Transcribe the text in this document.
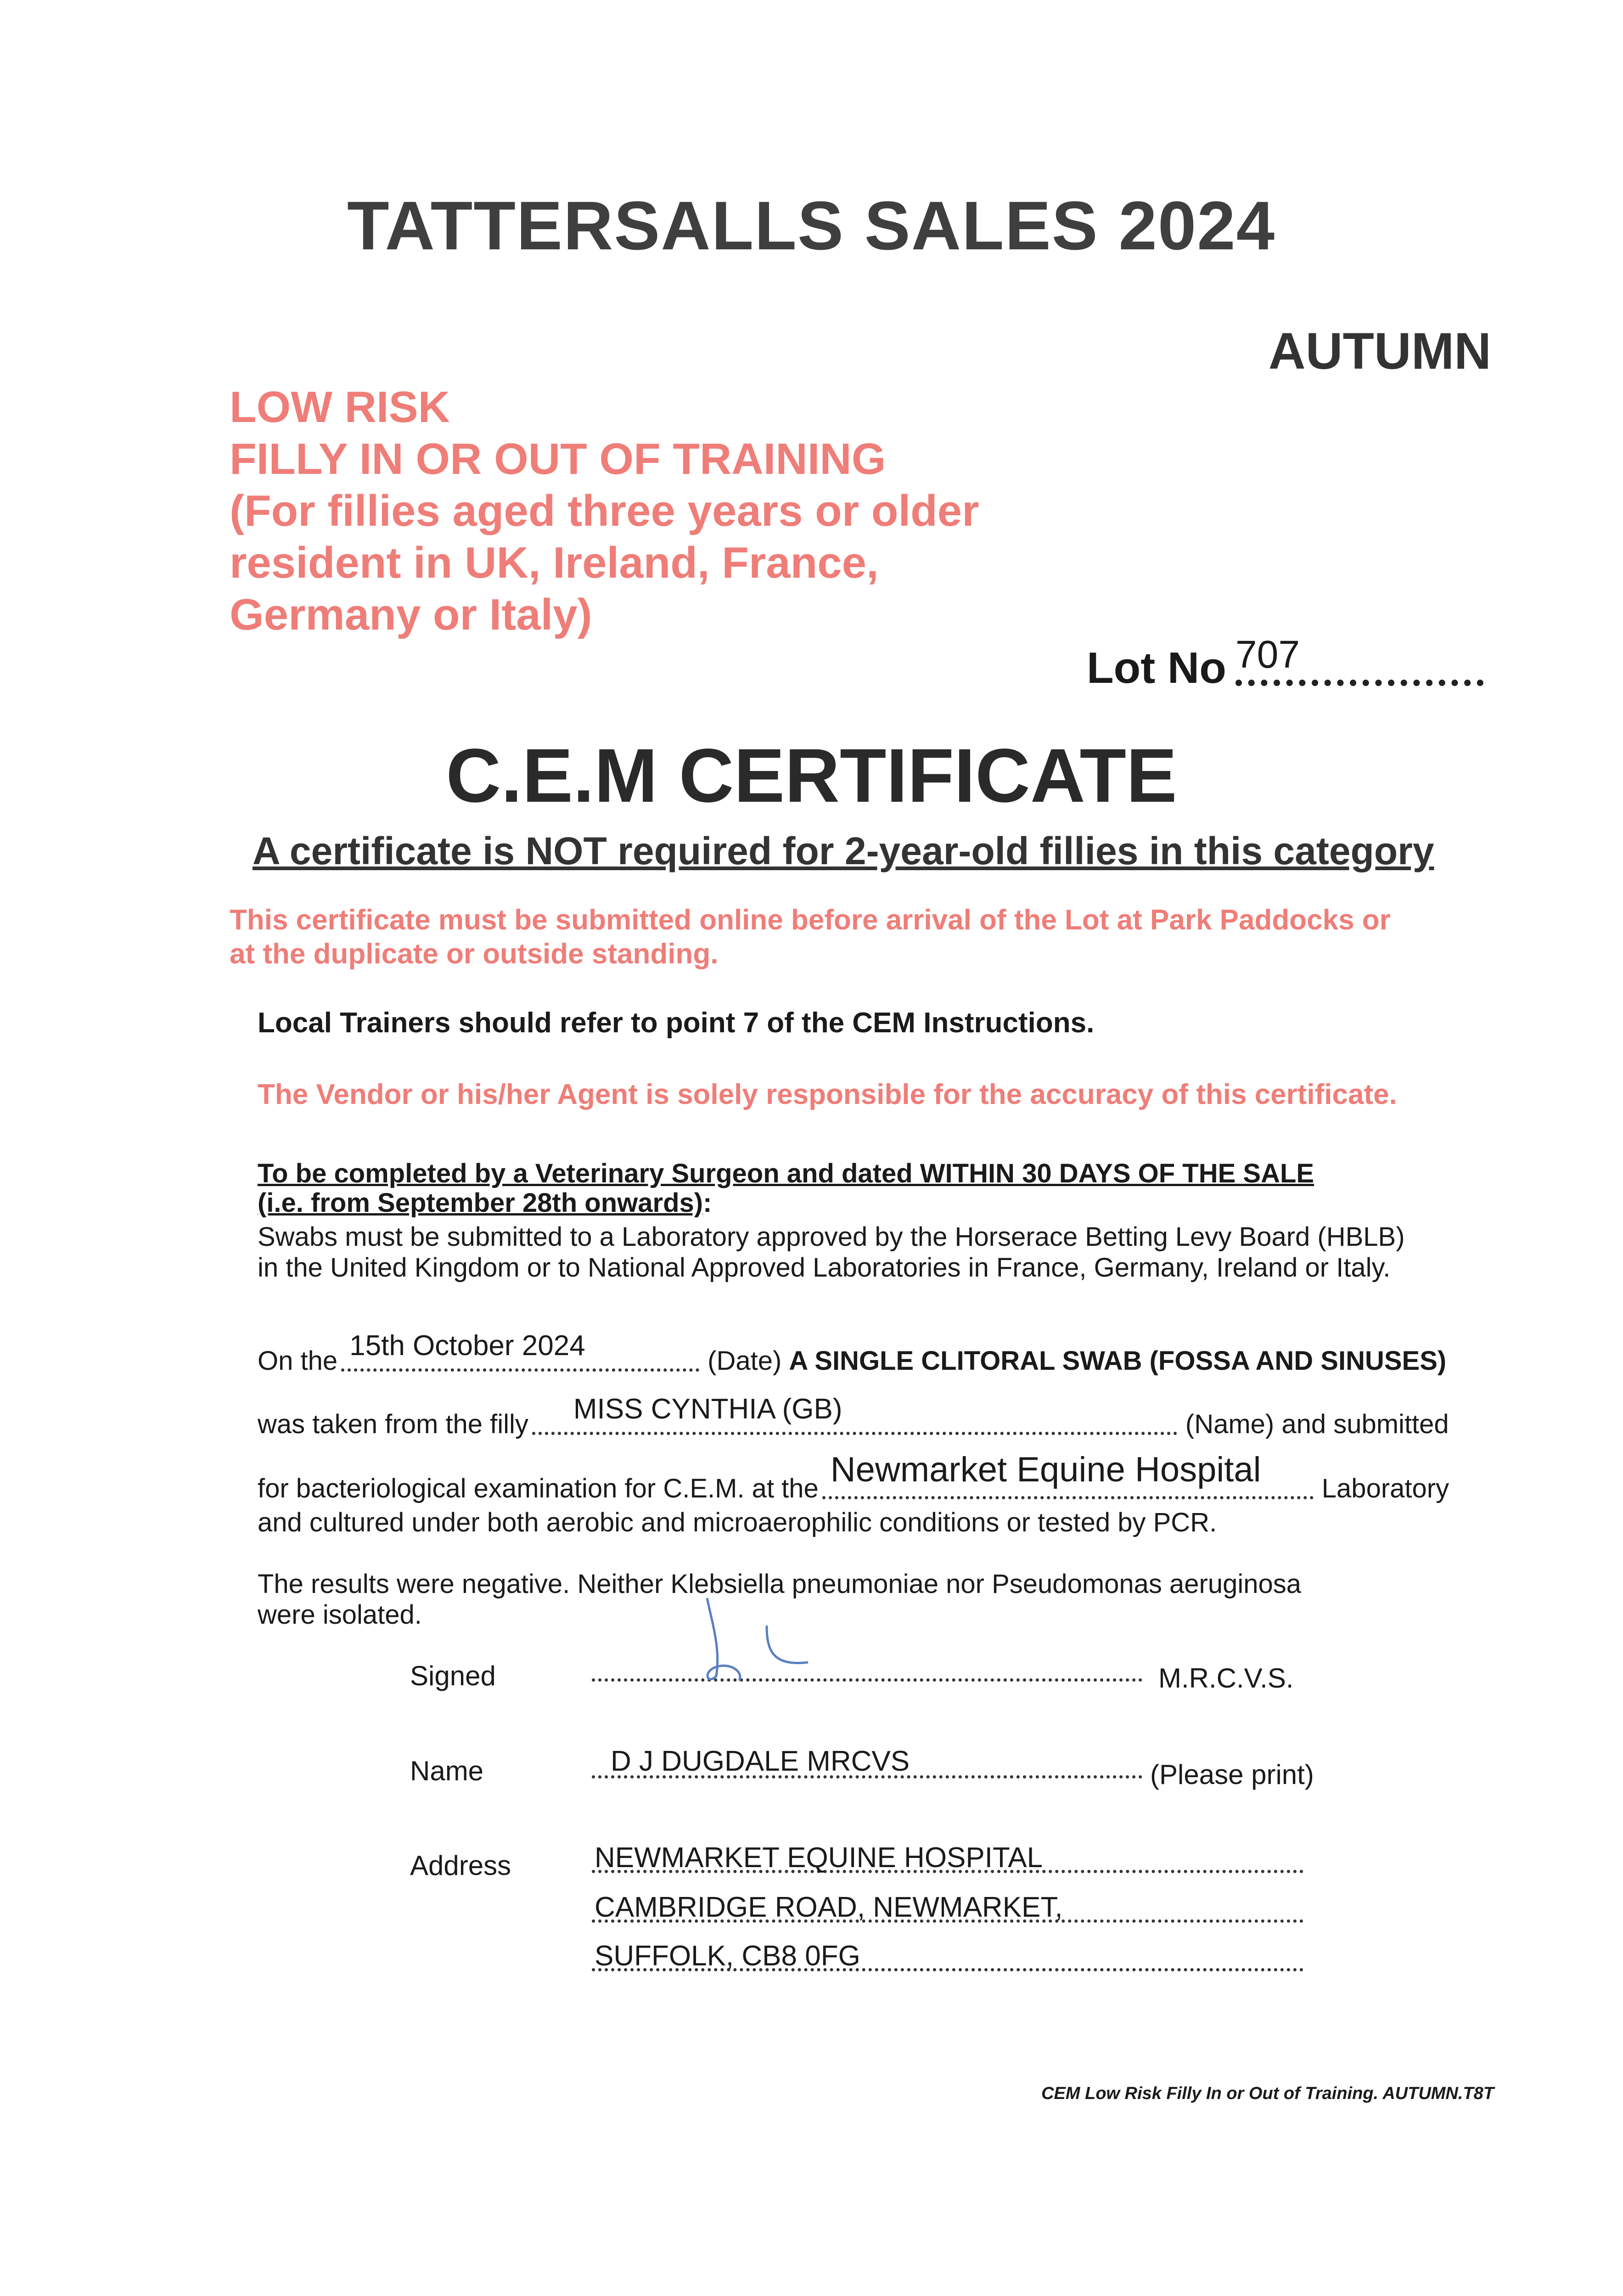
TATTERSALLS SALES 2024
AUTUMN
LOW RISK
FILLY IN OR OUT OF TRAINING
(For fillies aged three years or older
resident in UK, Ireland, France,
Germany or Italy)
Lot No 707
C.E.M CERTIFICATE
A certificate is NOT required for 2-year-old fillies in this category
This certificate must be submitted online before arrival of the Lot at Park Paddocks or
at the duplicate or outside standing.
Local Trainers should refer to point 7 of the CEM Instructions.
The Vendor or his/her Agent is solely responsible for the accuracy of this certificate.
To be completed by a Veterinary Surgeon and dated WITHIN 30 DAYS OF THE SALE
(i.e. from September 28th onwards):
Swabs must be submitted to a Laboratory approved by the Horserace Betting Levy Board (HBLB)
in the United Kingdom or to National Approved Laboratories in France, Germany, Ireland or Italy.
On the 15th October 2024	(Date)
A SINGLE CLITORAL SWAB (FOSSA AND SINUSES)
was taken from the filly MISS CYNTHIA (GB)	(Name) and submitted
for bacteriological examination for C.E.M. at the Newmarket Equine Hospital Laboratory
and cultured under both aerobic and microaerophilic conditions or tested by PCR.
The results were negative. Neither Klebsiella pneumoniae nor Pseudomonas aeruginosa
were isolated.
Signed	M.R.C.V.S.
Name	D J DUGDALE MRCVS	(Please print)
Address	NEWMARKET EQUINE HOSPITAL
CAMBRIDGE ROAD, NEWMARKET,
SUFFOLK, CB8 0FG
CEM Low Risk Filly In or Out of Training. AUTUMN.T8T
